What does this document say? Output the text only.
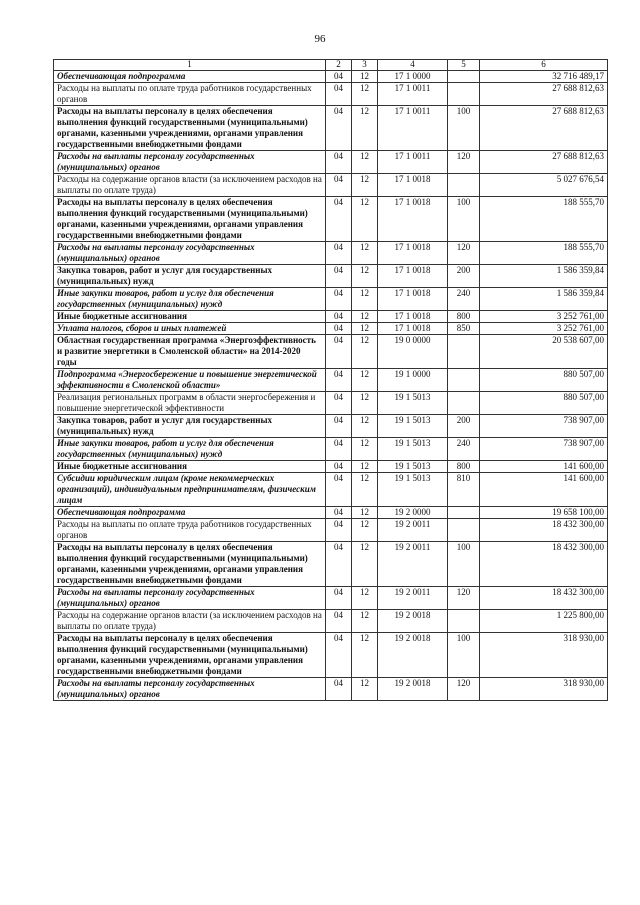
96
1	2	3	4	5	6
Обеспечивающая подпрограмма	04	12	17 1 0000		32 716 489,17
Расходы на выплаты по оплате труда работников государственных органов	04	12	17 1 0011		27 688 812,63
Расходы на выплаты персоналу в целях обеспечения выполнения функций государственными (муниципальными) органами, казенными учреждениями, органами управления государственными внебюджетными фондами	04	12	17 1 0011	100	27 688 812,63
Расходы на выплаты персоналу государственных (муниципальных) органов	04	12	17 1 0011	120	27 688 812,63
Расходы на содержание органов власти (за исключением расходов на выплаты по оплате труда)	04	12	17 1 0018		5 027 676,54
Расходы на выплаты персоналу в целях обеспечения выполнения функций государственными (муниципальными) органами, казенными учреждениями, органами управления государственными внебюджетными фондами	04	12	17 1 0018	100	188 555,70
Расходы на выплаты персоналу государственных (муниципальных) органов	04	12	17 1 0018	120	188 555,70
Закупка товаров, работ и услуг для государственных (муниципальных) нужд	04	12	17 1 0018	200	1 586 359,84
Иные закупки товаров, работ и услуг для обеспечения государственных (муниципальных) нужд	04	12	17 1 0018	240	1 586 359,84
Иные бюджетные ассигнования	04	12	17 1 0018	800	3 252 761,00
Уплата налогов, сборов и иных платежей	04	12	17 1 0018	850	3 252 761,00
Областная государственная программа «Энергоэффективность и развитие энергетики в Смоленской области» на 2014-2020 годы	04	12	19 0 0000		20 538 607,00
Подпрограмма «Энергосбережение и повышение энергетической эффективности в Смоленской области»	04	12	19 1 0000		880 507,00
Реализация региональных программ в области энергосбережения и повышение энергетической эффективности	04	12	19 1 5013		880 507,00
Закупка товаров, работ и услуг для государственных (муниципальных) нужд	04	12	19 1 5013	200	738 907,00
Иные закупки товаров, работ и услуг для обеспечения государственных (муниципальных) нужд	04	12	19 1 5013	240	738 907,00
Иные бюджетные ассигнования	04	12	19 1 5013	800	141 600,00
Субсидии юридическим лицам (кроме некоммерческих организаций), индивидуальным предпринимателям, физическим лицам	04	12	19 1 5013	810	141 600,00
Обеспечивающая подпрограмма	04	12	19 2 0000		19 658 100,00
Расходы на выплаты по оплате труда работников государственных органов	04	12	19 2 0011		18 432 300,00
Расходы на выплаты персоналу в целях обеспечения выполнения функций государственными (муниципальными) органами, казенными учреждениями, органами управления государственными внебюджетными фондами	04	12	19 2 0011	100	18 432 300,00
Расходы на выплаты персоналу государственных (муниципальных) органов	04	12	19 2 0011	120	18 432 300,00
Расходы на содержание органов власти (за исключением расходов на выплаты по оплате труда)	04	12	19 2 0018		1 225 800,00
Расходы на выплаты персоналу в целях обеспечения выполнения функций государственными (муниципальными) органами, казенными учреждениями, органами управления государственными внебюджетными фондами	04	12	19 2 0018	100	318 930,00
Расходы на выплаты персоналу государственных (муниципальных) органов	04	12	19 2 0018	120	318 930,00
